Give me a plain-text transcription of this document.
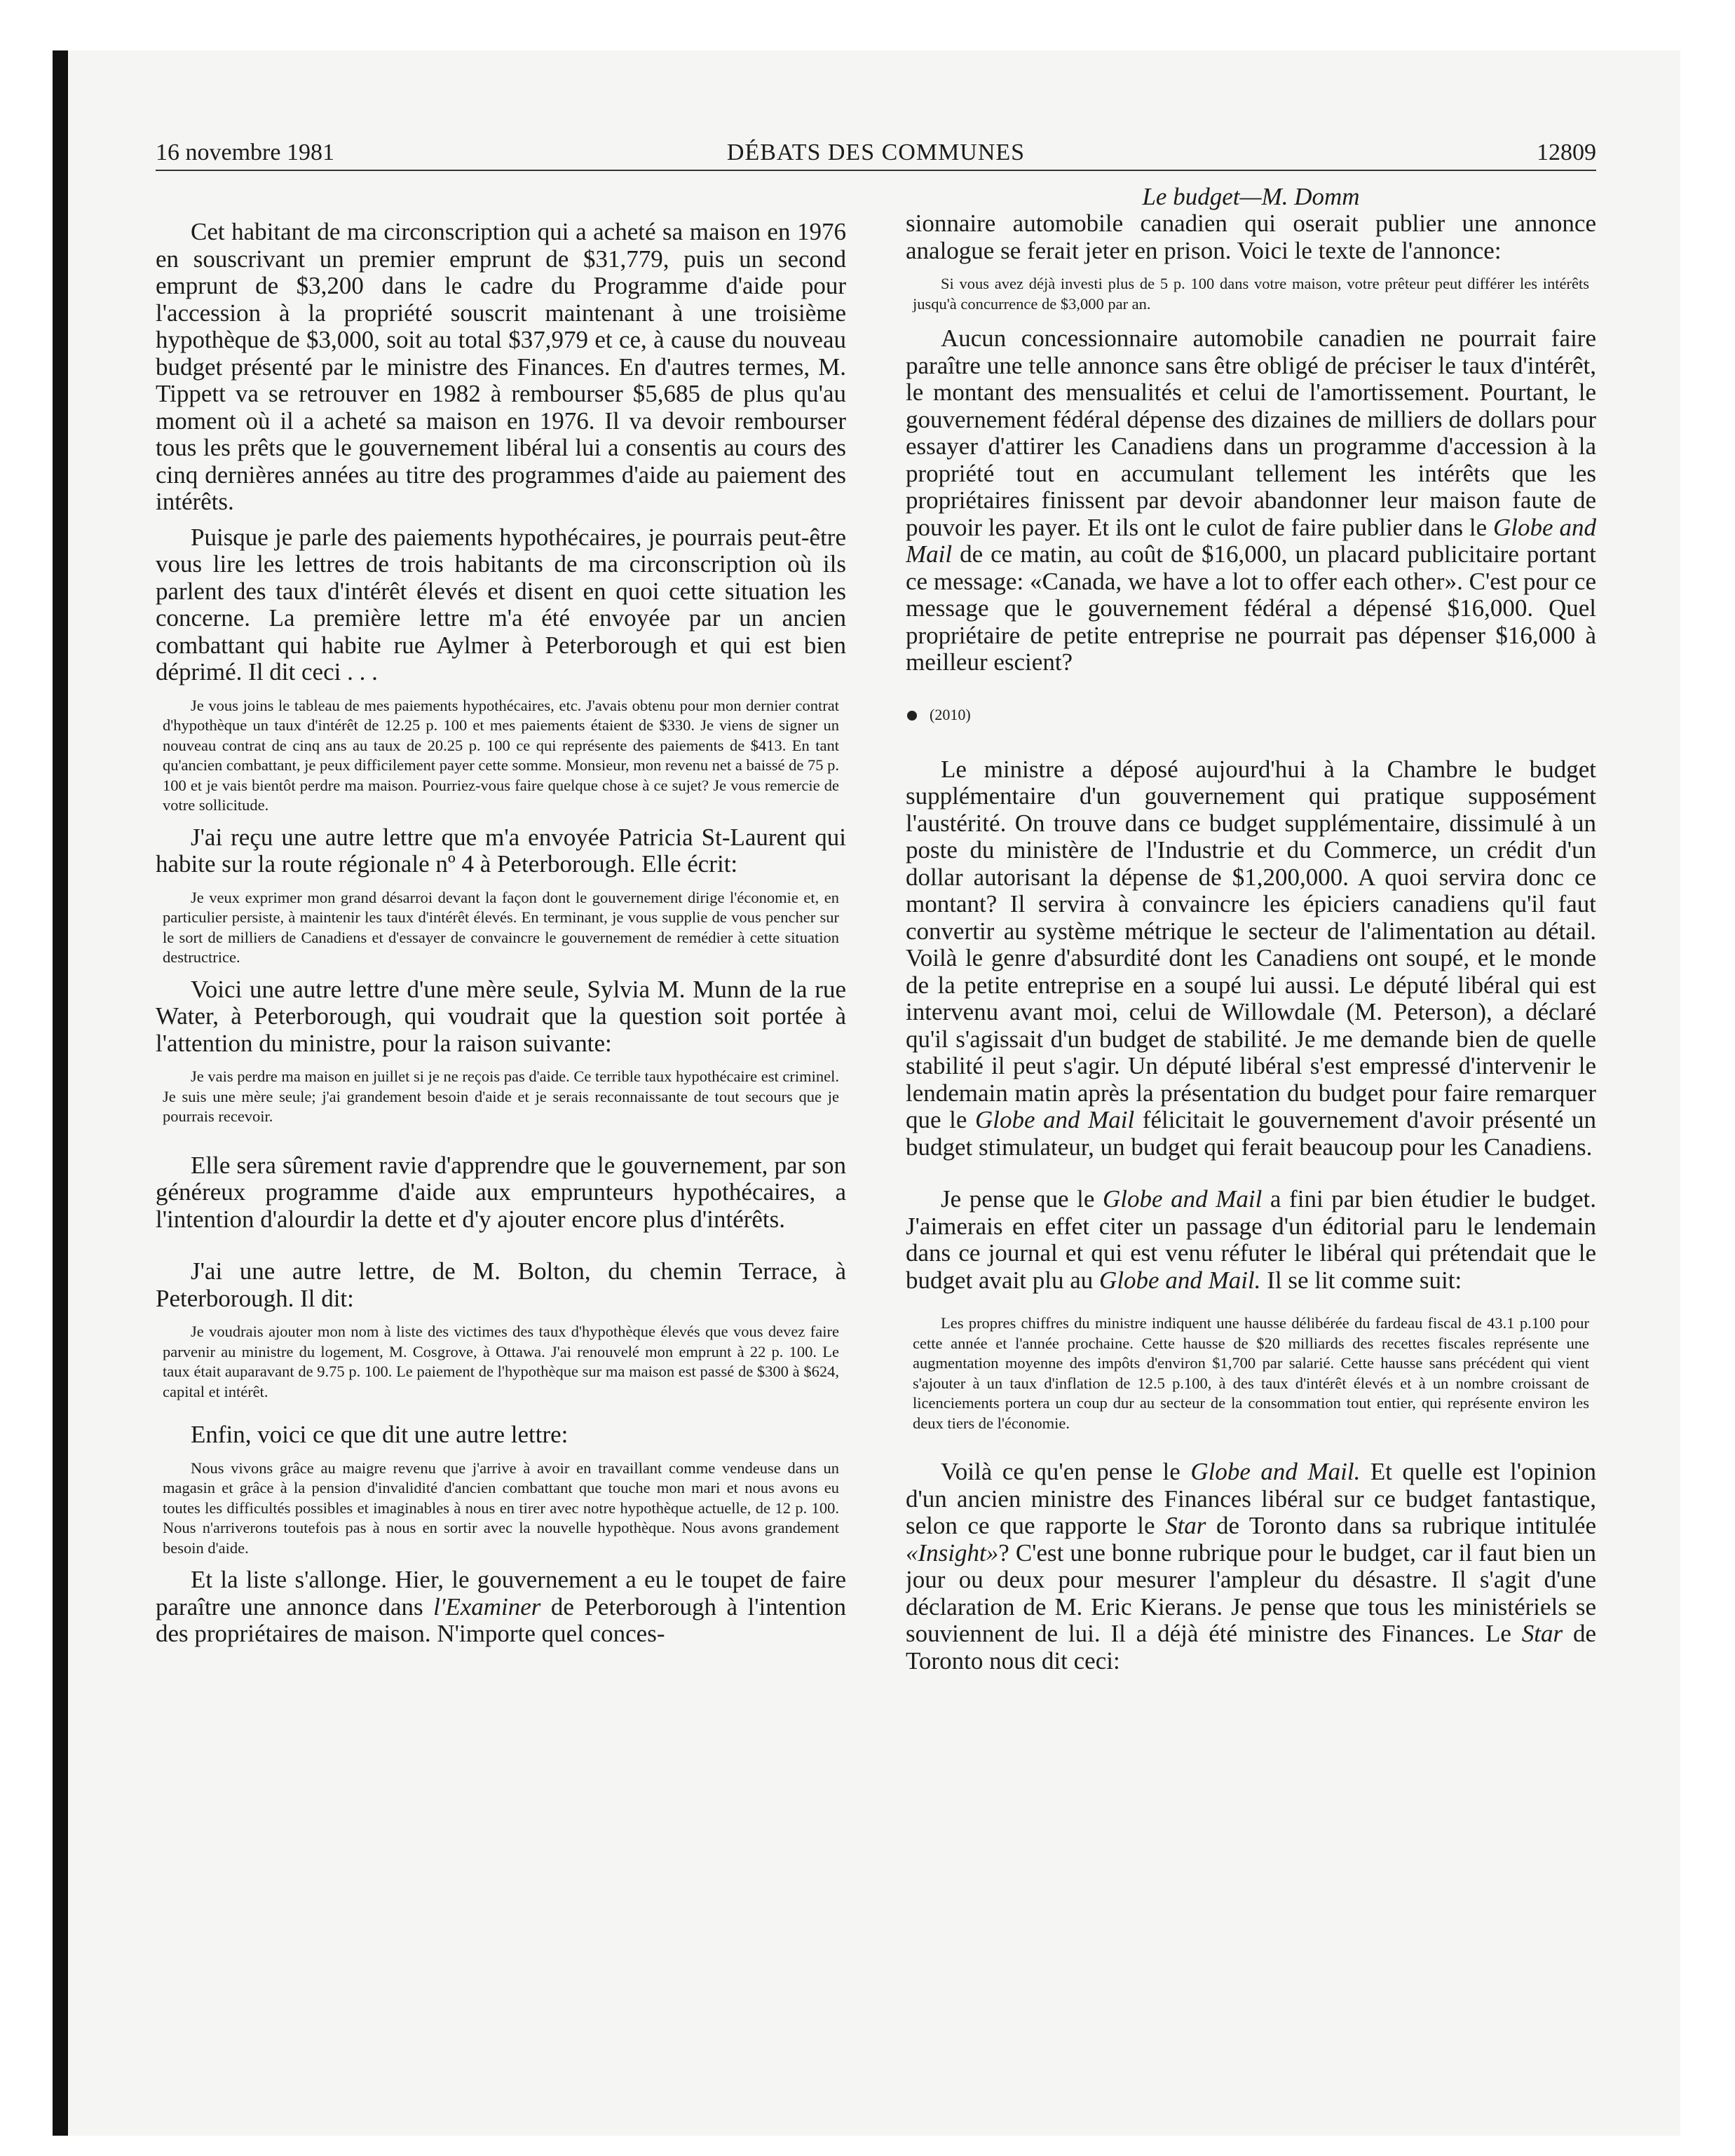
16 novembre 1981	DÉBATS DES COMMUNES	12809

Cet habitant de ma circonscription qui a acheté sa maison en 1976 en souscrivant un premier emprunt de $31,779, puis un second emprunt de $3,200 dans le cadre du Programme d'aide pour l'accession à la propriété souscrit maintenant à une troisième hypothèque de $3,000, soit au total $37,979 et ce, à cause du nouveau budget présenté par le ministre des Finances. En d'autres termes, M. Tippett va se retrouver en 1982 à rembourser $5,685 de plus qu'au moment où il a acheté sa maison en 1976. Il va devoir rembourser tous les prêts que le gouvernement libéral lui a consentis au cours des cinq dernières années au titre des programmes d'aide au paiement des intérêts.

Puisque je parle des paiements hypothécaires, je pourrais peut-être vous lire les lettres de trois habitants de ma circonscription où ils parlent des taux d'intérêt élevés et disent en quoi cette situation les concerne. La première lettre m'a été envoyée par un ancien combattant qui habite rue Aylmer à Peterborough et qui est bien déprimé. Il dit ceci . . .

Je vous joins le tableau de mes paiements hypothécaires, etc. J'avais obtenu pour mon dernier contrat d'hypothèque un taux d'intérêt de 12.25 p. 100 et mes paiements étaient de $330. Je viens de signer un nouveau contrat de cinq ans au taux de 20.25 p. 100 ce qui représente des paiements de $413. En tant qu'ancien combattant, je peux difficilement payer cette somme. Monsieur, mon revenu net a baissé de 75 p. 100 et je vais bientôt perdre ma maison. Pourriez-vous faire quelque chose à ce sujet? Je vous remercie de votre sollicitude.

J'ai reçu une autre lettre que m'a envoyée Patricia St-Laurent qui habite sur la route régionale nº 4 à Peterborough. Elle écrit:

Je veux exprimer mon grand désarroi devant la façon dont le gouvernement dirige l'économie et, en particulier persiste, à maintenir les taux d'intérêt élevés. En terminant, je vous supplie de vous pencher sur le sort de milliers de Canadiens et d'essayer de convaincre le gouvernement de remédier à cette situation destructrice.

Voici une autre lettre d'une mère seule, Sylvia M. Munn de la rue Water, à Peterborough, qui voudrait que la question soit portée à l'attention du ministre, pour la raison suivante:

Je vais perdre ma maison en juillet si je ne reçois pas d'aide. Ce terrible taux hypothécaire est criminel. Je suis une mère seule; j'ai grandement besoin d'aide et je serais reconnaissante de tout secours que je pourrais recevoir.

Elle sera sûrement ravie d'apprendre que le gouvernement, par son généreux programme d'aide aux emprunteurs hypothécaires, a l'intention d'alourdir la dette et d'y ajouter encore plus d'intérêts.

J'ai une autre lettre, de M. Bolton, du chemin Terrace, à Peterborough. Il dit:

Je voudrais ajouter mon nom à liste des victimes des taux d'hypothèque élevés que vous devez faire parvenir au ministre du logement, M. Cosgrove, à Ottawa. J'ai renouvelé mon emprunt à 22 p. 100. Le taux était auparavant de 9.75 p. 100. Le paiement de l'hypothèque sur ma maison est passé de $300 à $624, capital et intérêt.

Enfin, voici ce que dit une autre lettre:

Nous vivons grâce au maigre revenu que j'arrive à avoir en travaillant comme vendeuse dans un magasin et grâce à la pension d'invalidité d'ancien combattant que touche mon mari et nous avons eu toutes les difficultés possibles et imaginables à nous en tirer avec notre hypothèque actuelle, de 12 p. 100. Nous n'arriverons toutefois pas à nous en sortir avec la nouvelle hypothèque. Nous avons grandement besoin d'aide.

Et la liste s'allonge. Hier, le gouvernement a eu le toupet de faire paraître une annonce dans l'Examiner de Peterborough à l'intention des propriétaires de maison. N'importe quel conces-

Le budget—M. Domm

sionnaire automobile canadien qui oserait publier une annonce analogue se ferait jeter en prison. Voici le texte de l'annonce:

Si vous avez déjà investi plus de 5 p. 100 dans votre maison, votre prêteur peut différer les intérêts jusqu'à concurrence de $3,000 par an.

Aucun concessionnaire automobile canadien ne pourrait faire paraître une telle annonce sans être obligé de préciser le taux d'intérêt, le montant des mensualités et celui de l'amortissement. Pourtant, le gouvernement fédéral dépense des dizaines de milliers de dollars pour essayer d'attirer les Canadiens dans un programme d'accession à la propriété tout en accumulant tellement les intérêts que les propriétaires finissent par devoir abandonner leur maison faute de pouvoir les payer. Et ils ont le culot de faire publier dans le Globe and Mail de ce matin, au coût de $16,000, un placard publicitaire portant ce message: «Canada, we have a lot to offer each other». C'est pour ce message que le gouvernement fédéral a dépensé $16,000. Quel propriétaire de petite entreprise ne pourrait pas dépenser $16,000 à meilleur escient?

(2010)

Le ministre a déposé aujourd'hui à la Chambre le budget supplémentaire d'un gouvernement qui pratique supposément l'austérité. On trouve dans ce budget supplémentaire, dissimulé à un poste du ministère de l'Industrie et du Commerce, un crédit d'un dollar autorisant la dépense de $1,200,000. A quoi servira donc ce montant? Il servira à convaincre les épiciers canadiens qu'il faut convertir au système métrique le secteur de l'alimentation au détail. Voilà le genre d'absurdité dont les Canadiens ont soupé, et le monde de la petite entreprise en a soupé lui aussi. Le député libéral qui est intervenu avant moi, celui de Willowdale (M. Peterson), a déclaré qu'il s'agissait d'un budget de stabilité. Je me demande bien de quelle stabilité il peut s'agir. Un député libéral s'est empressé d'intervenir le lendemain matin après la présentation du budget pour faire remarquer que le Globe and Mail félicitait le gouvernement d'avoir présenté un budget stimulateur, un budget qui ferait beaucoup pour les Canadiens.

Je pense que le Globe and Mail a fini par bien étudier le budget. J'aimerais en effet citer un passage d'un éditorial paru le lendemain dans ce journal et qui est venu réfuter le libéral qui prétendait que le budget avait plu au Globe and Mail. Il se lit comme suit:

Les propres chiffres du ministre indiquent une hausse délibérée du fardeau fiscal de 43.1 p.100 pour cette année et l'année prochaine. Cette hausse de $20 milliards des recettes fiscales représente une augmentation moyenne des impôts d'environ $1,700 par salarié. Cette hausse sans précédent qui vient s'ajouter à un taux d'inflation de 12.5 p.100, à des taux d'intérêt élevés et à un nombre croissant de licenciements portera un coup dur au secteur de la consommation tout entier, qui représente environ les deux tiers de l'économie.

Voilà ce qu'en pense le Globe and Mail. Et quelle est l'opinion d'un ancien ministre des Finances libéral sur ce budget fantastique, selon ce que rapporte le Star de Toronto dans sa rubrique intitulée «Insight»? C'est une bonne rubrique pour le budget, car il faut bien un jour ou deux pour mesurer l'ampleur du désastre. Il s'agit d'une déclaration de M. Eric Kierans. Je pense que tous les ministériels se souviennent de lui. Il a déjà été ministre des Finances. Le Star de Toronto nous dit ceci:
